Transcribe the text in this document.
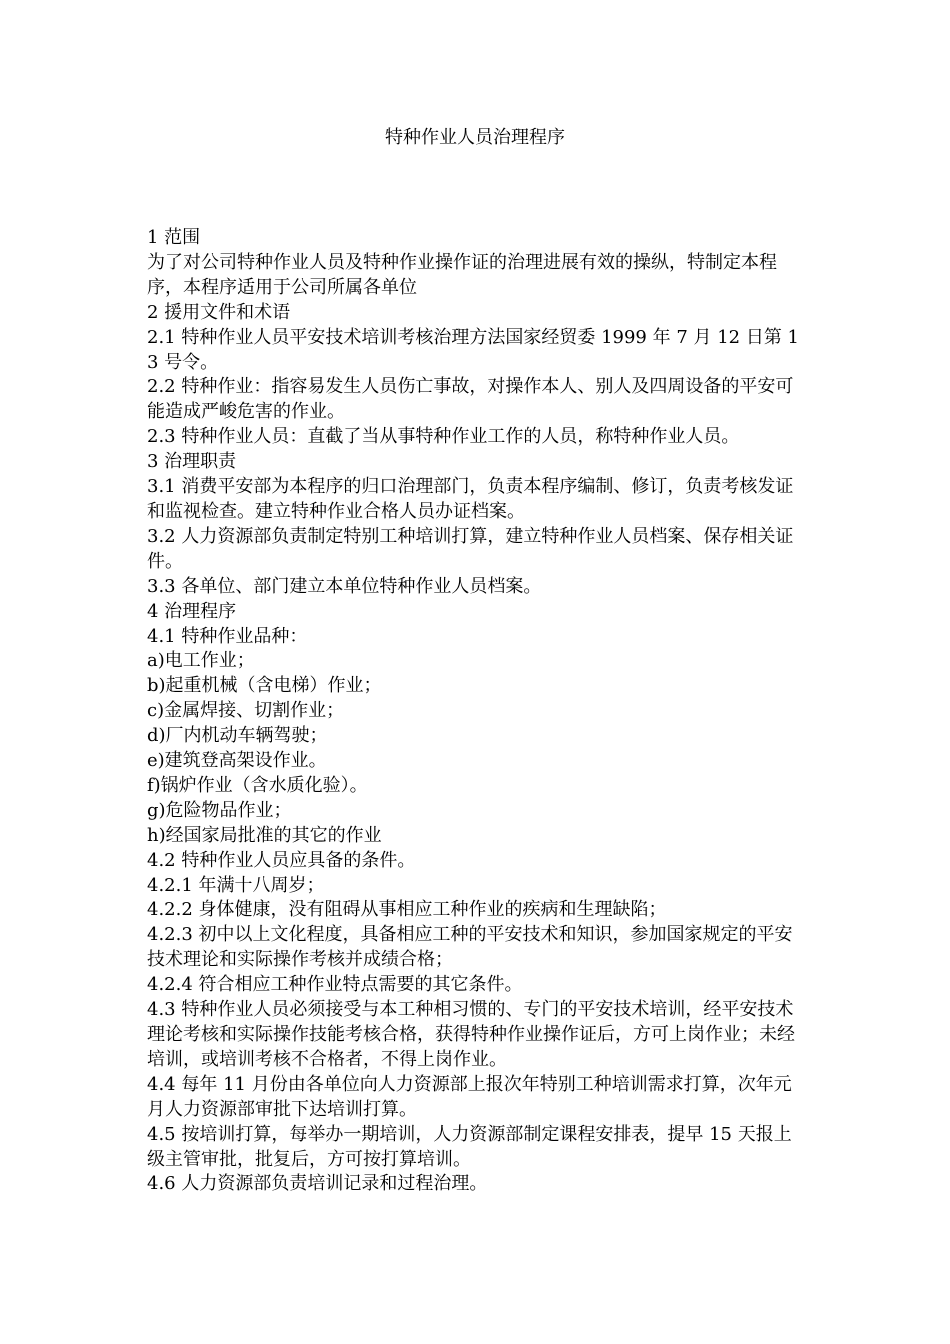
特种作业人员治理程序

1 范围

为了对公司特种作业人员及特种作业操作证的治理进展有效的操纵，特制定本程序，本程序适用于公司所属各单位

2 援用文件和术语

2.1 特种作业人员平安技术培训考核治理方法国家经贸委 1999 年 7 月 12 日第 13 号令。

2.2 特种作业：指容易发生人员伤亡事故，对操作本人、别人及四周设备的平安可能造成严峻危害的作业。

2.3 特种作业人员：直截了当从事特种作业工作的人员，称特种作业人员。

3 治理职责

3.1 消费平安部为本程序的归口治理部门，负责本程序编制、修订，负责考核发证和监视检查。建立特种作业合格人员办证档案。

3.2 人力资源部负责制定特别工种培训打算，建立特种作业人员档案、保存相关证件。

3.3 各单位、部门建立本单位特种作业人员档案。

4 治理程序

4.1 特种作业品种：

a)电工作业；

b)起重机械（含电梯）作业；

c)金属焊接、切割作业；

d)厂内机动车辆驾驶；

e)建筑登高架设作业。

f)锅炉作业（含水质化验）。

g)危险物品作业；

h)经国家局批准的其它的作业

4.2 特种作业人员应具备的条件。

4.2.1 年满十八周岁；

4.2.2 身体健康，没有阻碍从事相应工种作业的疾病和生理缺陷；

4.2.3 初中以上文化程度，具备相应工种的平安技术和知识，参加国家规定的平安技术理论和实际操作考核并成绩合格；

4.2.4 符合相应工种作业特点需要的其它条件。

4.3 特种作业人员必须接受与本工种相习惯的、专门的平安技术培训，经平安技术理论考核和实际操作技能考核合格，获得特种作业操作证后，方可上岗作业；未经培训，或培训考核不合格者，不得上岗作业。

4.4 每年 11 月份由各单位向人力资源部上报次年特别工种培训需求打算，次年元月人力资源部审批下达培训打算。

4.5 按培训打算，每举办一期培训，人力资源部制定课程安排表，提早 15 天报上级主管审批，批复后，方可按打算培训。

4.6 人力资源部负责培训记录和过程治理。
